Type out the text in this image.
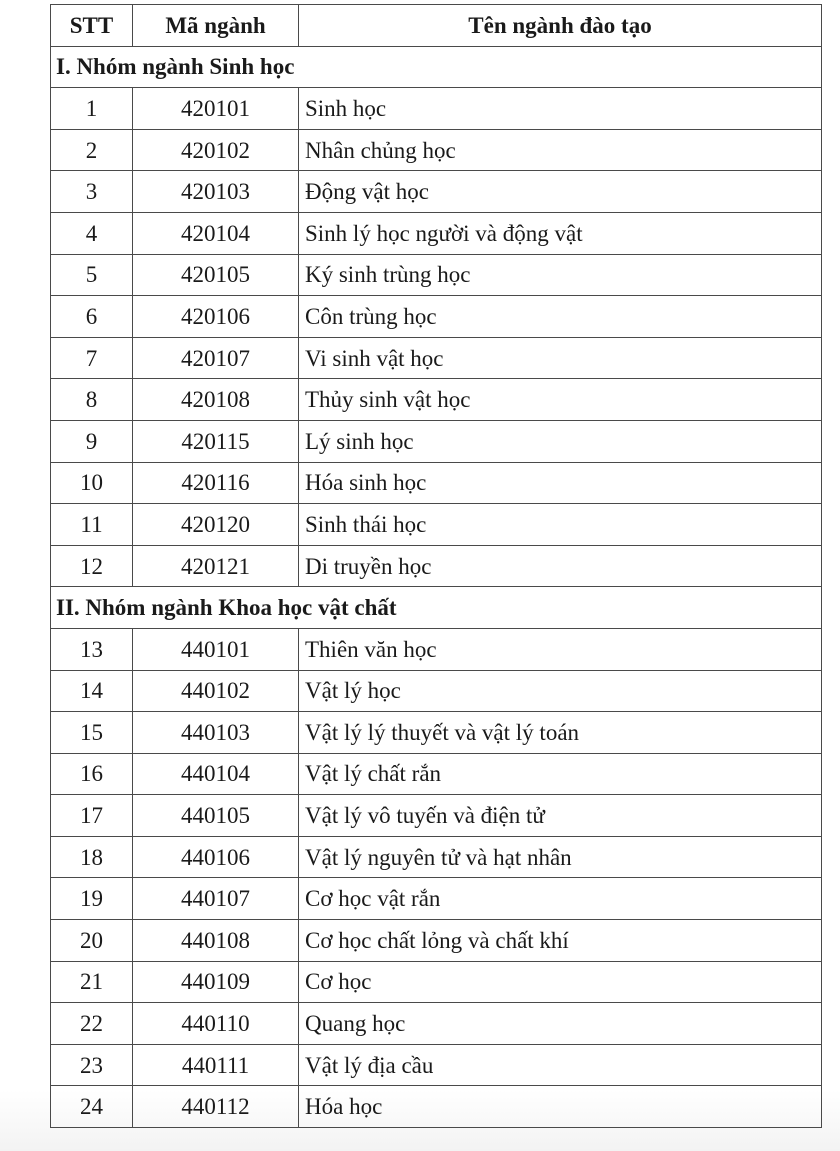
STT	Mã ngành	Tên ngành đào tạo
I. Nhóm ngành Sinh học		
1	420101	Sinh học
2	420102	Nhân chủng học
3	420103	Động vật học
4	420104	Sinh lý học người và động vật
5	420105	Ký sinh trùng học
6	420106	Côn trùng học
7	420107	Vi sinh vật học
8	420108	Thủy sinh vật học
9	420115	Lý sinh học
10	420116	Hóa sinh học
11	420120	Sinh thái học
12	420121	Di truyền học
II. Nhóm ngành Khoa học vật chất		
13	440101	Thiên văn học
14	440102	Vật lý học
15	440103	Vật lý lý thuyết và vật lý toán
16	440104	Vật lý chất rắn
17	440105	Vật lý vô tuyến và điện tử
18	440106	Vật lý nguyên tử và hạt nhân
19	440107	Cơ học vật rắn
20	440108	Cơ học chất lỏng và chất khí
21	440109	Cơ học
22	440110	Quang học
23	440111	Vật lý địa cầu
24	440112	Hóa học
